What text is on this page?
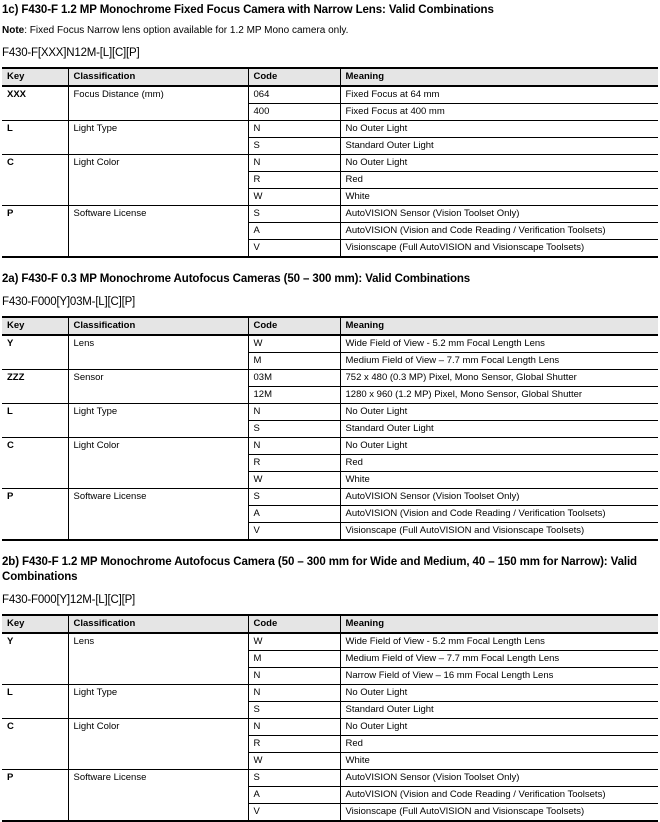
1c) F430-F 1.2 MP Monochrome Fixed Focus Camera with Narrow Lens: Valid Combinations

Note: Fixed Focus Narrow lens option available for 1.2 MP Mono camera only.

F430-F[XXX]N12M-[L][C][P]
Key	Classification	Code	Meaning
XXX	Focus Distance (mm)	064	Fixed Focus at 64 mm
		400	Fixed Focus at 400 mm
L	Light Type	N	No Outer Light
		S	Standard Outer Light
C	Light Color	N	No Outer Light
		R	Red
		W	White
P	Software License	S	AutoVISION Sensor (Vision Toolset Only)
		A	AutoVISION (Vision and Code Reading / Verification Toolsets)
		V	Visionscape (Full AutoVISION and Visionscape Toolsets)
2a) F430-F 0.3 MP Monochrome Autofocus Cameras (50 – 300 mm): Valid Combinations
F430-F000[Y]03M-[L][C][P]
Key	Classification	Code	Meaning
Y	Lens	W	Wide Field of View - 5.2 mm Focal Length Lens
		M	Medium Field of View – 7.7 mm Focal Length Lens
ZZZ	Sensor	03M	752 x 480 (0.3 MP) Pixel, Mono Sensor, Global Shutter
		12M	1280 x 960 (1.2 MP) Pixel, Mono Sensor, Global Shutter
L	Light Type	N	No Outer Light
		S	Standard Outer Light
C	Light Color	N	No Outer Light
		R	Red
		W	White
P	Software License	S	AutoVISION Sensor (Vision Toolset Only)
		A	AutoVISION (Vision and Code Reading / Verification Toolsets)
		V	Visionscape (Full AutoVISION and Visionscape Toolsets)
2b) F430-F 1.2 MP Monochrome Autofocus Camera (50 – 300 mm for Wide and Medium, 40 – 150 mm for Narrow): Valid Combinations
F430-F000[Y]12M-[L][C][P]
Key	Classification	Code	Meaning
Y	Lens	W	Wide Field of View - 5.2 mm Focal Length Lens
		M	Medium Field of View – 7.7 mm Focal Length Lens
		N	Narrow Field of View – 16 mm Focal Length Lens
L	Light Type	N	No Outer Light
		S	Standard Outer Light
C	Light Color	N	No Outer Light
		R	Red
		W	White
P	Software License	S	AutoVISION Sensor (Vision Toolset Only)
		A	AutoVISION (Vision and Code Reading / Verification Toolsets)
		V	Visionscape (Full AutoVISION and Visionscape Toolsets)
